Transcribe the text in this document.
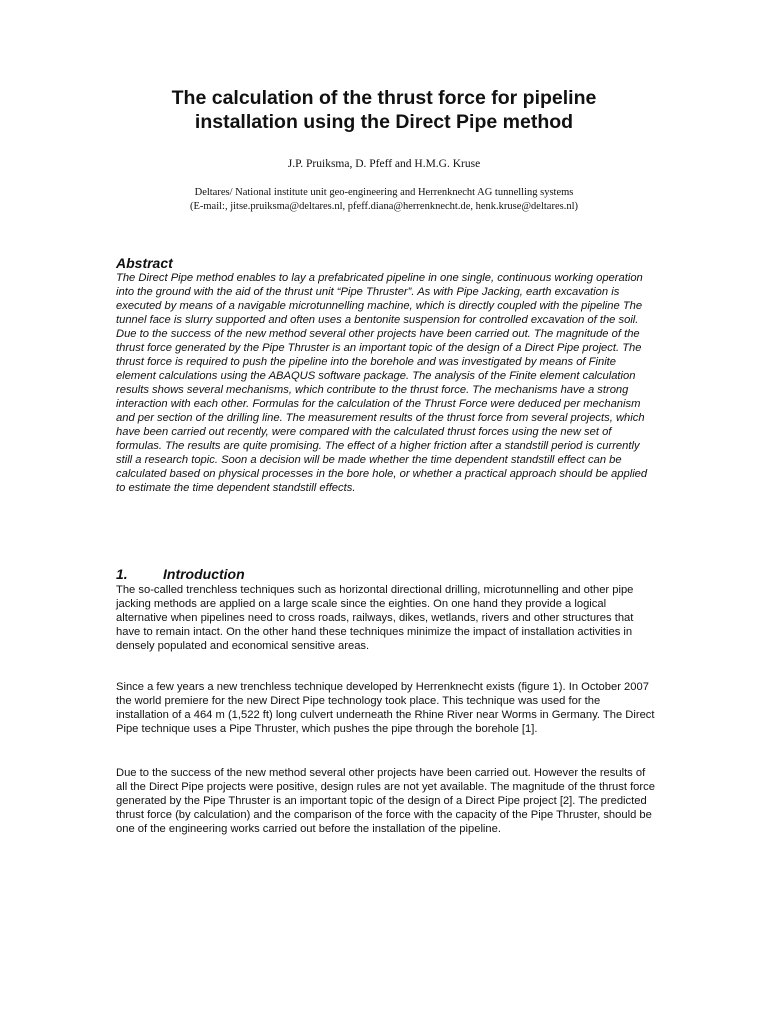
The calculation of the thrust force for pipeline
installation using the Direct Pipe method

J.P. Pruiksma, D. Pfeff and H.M.G. Kruse

Deltares/ National institute unit geo-engineering and Herrenknecht AG tunnelling systems

(E-mail:, jitse.pruiksma@deltares.nl, pfeff.diana@herrenknecht.de, henk.kruse@deltares.nl)

Abstract

The Direct Pipe method enables to lay a prefabricated pipeline in one single, continuous working operation into the ground with the aid of the thrust unit “Pipe Thruster”. As with Pipe Jacking, earth excavation is executed by means of a navigable microtunnelling machine, which is directly coupled with the pipeline The tunnel face is slurry supported and often uses a bentonite suspension for controlled excavation of the soil. Due to the success of the new method several other projects have been carried out. The magnitude of the thrust force generated by the Pipe Thruster is an important topic of the design of a Direct Pipe project. The thrust force is required to push the pipeline into the borehole and was investigated by means of Finite element calculations using the ABAQUS software package. The analysis of the Finite element calculation results shows several mechanisms, which contribute to the thrust force. The mechanisms have a strong interaction with each other. Formulas for the calculation of the Thrust Force were deduced per mechanism and per section of the drilling line. The measurement results of the thrust force from several projects, which have been carried out recently, were compared with the calculated thrust forces using the new set of formulas. The results are quite promising. The effect of a higher friction after a standstill period is currently still a research topic. Soon a decision will be made whether the time dependent standstill effect can be calculated based on physical processes in the bore hole, or whether a practical approach should be applied to estimate the time dependent standstill effects.

1.	Introduction

The so-called trenchless techniques such as horizontal directional drilling, microtunnelling and other pipe jacking methods are applied on a large scale since the eighties. On one hand they provide a logical alternative when pipelines need to cross roads, railways, dikes, wetlands, rivers and other structures that have to remain intact. On the other hand these techniques minimize the impact of installation activities in densely populated and economical sensitive areas.

Since a few years a new trenchless technique developed by Herrenknecht exists (figure 1). In October 2007 the world premiere for the new Direct Pipe technology took place. This technique was used for the installation of a 464 m (1,522 ft) long culvert underneath the Rhine River near Worms in Germany. The Direct Pipe technique uses a Pipe Thruster, which pushes the pipe through the borehole [1].

Due to the success of the new method several other projects have been carried out. However the results of all the Direct Pipe projects were positive, design rules are not yet available. The magnitude of the thrust force generated by the Pipe Thruster is an important topic of the design of a Direct Pipe project [2]. The predicted thrust force (by calculation) and the comparison of the force with the capacity of the Pipe Thruster, should be one of the engineering works carried out before the installation of the pipeline.
